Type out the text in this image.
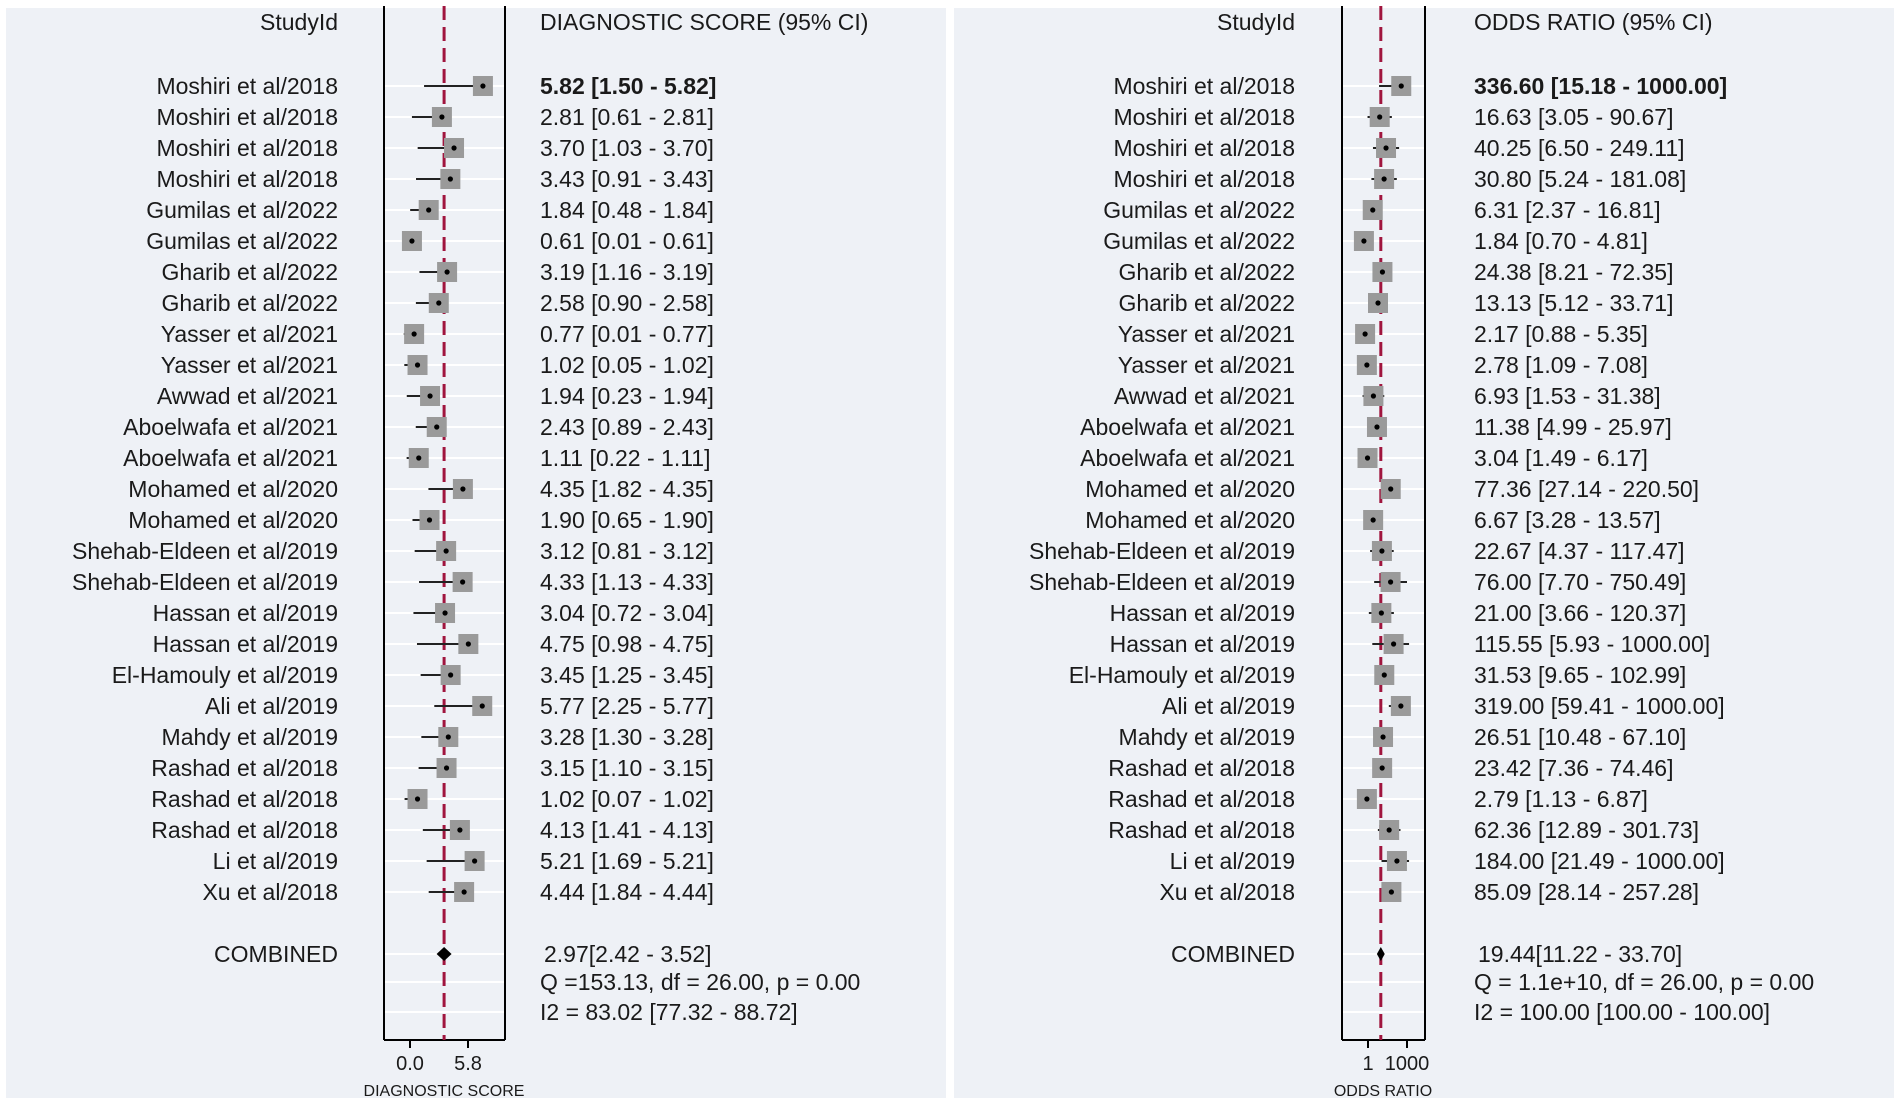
StudyId	DIAGNOSTIC SCORE (95% CI)
Moshiri et al/2018	5.82 [1.50 - 5.82]
Moshiri et al/2018	2.81 [0.61 - 2.81]
Moshiri et al/2018	3.70 [1.03 - 3.70]
Moshiri et al/2018	3.43 [0.91 - 3.43]
Gumilas et al/2022	1.84 [0.48 - 1.84]
Gumilas et al/2022	0.61 [0.01 - 0.61]
Gharib et al/2022	3.19 [1.16 - 3.19]
Gharib et al/2022	2.58 [0.90 - 2.58]
Yasser et al/2021	0.77 [0.01 - 0.77]
Yasser et al/2021	1.02 [0.05 - 1.02]
Awwad et al/2021	1.94 [0.23 - 1.94]
Aboelwafa et al/2021	2.43 [0.89 - 2.43]
Aboelwafa et al/2021	1.11 [0.22 - 1.11]
Mohamed et al/2020	4.35 [1.82 - 4.35]
Mohamed et al/2020	1.90 [0.65 - 1.90]
Shehab-Eldeen et al/2019	3.12 [0.81 - 3.12]
Shehab-Eldeen et al/2019	4.33 [1.13 - 4.33]
Hassan et al/2019	3.04 [0.72 - 3.04]
Hassan et al/2019	4.75 [0.98 - 4.75]
El-Hamouly et al/2019	3.45 [1.25 - 3.45]
Ali et al/2019	5.77 [2.25 - 5.77]
Mahdy et al/2019	3.28 [1.30 - 3.28]
Rashad et al/2018	3.15 [1.10 - 3.15]
Rashad et al/2018	1.02 [0.07 - 1.02]
Rashad et al/2018	4.13 [1.41 - 4.13]
Li et al/2019	5.21 [1.69 - 5.21]
Xu et al/2018	4.44 [1.84 - 4.44]
COMBINED	2.97[2.42 - 3.52]
Q =153.13, df = 26.00, p = 0.00
I2 = 83.02 [77.32 - 88.72]
0.0 5.8
DIAGNOSTIC SCORE
StudyId	ODDS RATIO (95% CI)
Moshiri et al/2018	336.60 [15.18 - 1000.00]
Moshiri et al/2018	16.63 [3.05 - 90.67]
Moshiri et al/2018	40.25 [6.50 - 249.11]
Moshiri et al/2018	30.80 [5.24 - 181.08]
Gumilas et al/2022	6.31 [2.37 - 16.81]
Gumilas et al/2022	1.84 [0.70 - 4.81]
Gharib et al/2022	24.38 [8.21 - 72.35]
Gharib et al/2022	13.13 [5.12 - 33.71]
Yasser et al/2021	2.17 [0.88 - 5.35]
Yasser et al/2021	2.78 [1.09 - 7.08]
Awwad et al/2021	6.93 [1.53 - 31.38]
Aboelwafa et al/2021	11.38 [4.99 - 25.97]
Aboelwafa et al/2021	3.04 [1.49 - 6.17]
Mohamed et al/2020	77.36 [27.14 - 220.50]
Mohamed et al/2020	6.67 [3.28 - 13.57]
Shehab-Eldeen et al/2019	22.67 [4.37 - 117.47]
Shehab-Eldeen et al/2019	76.00 [7.70 - 750.49]
Hassan et al/2019	21.00 [3.66 - 120.37]
Hassan et al/2019	115.55 [5.93 - 1000.00]
El-Hamouly et al/2019	31.53 [9.65 - 102.99]
Ali et al/2019	319.00 [59.41 - 1000.00]
Mahdy et al/2019	26.51 [10.48 - 67.10]
Rashad et al/2018	23.42 [7.36 - 74.46]
Rashad et al/2018	2.79 [1.13 - 6.87]
Rashad et al/2018	62.36 [12.89 - 301.73]
Li et al/2019	184.00 [21.49 - 1000.00]
Xu et al/2018	85.09 [28.14 - 257.28]
COMBINED	19.44[11.22 - 33.70]
Q = 1.1e+10, df = 26.00, p = 0.00
I2 = 100.00 [100.00 - 100.00]
1 1000
ODDS RATIO
